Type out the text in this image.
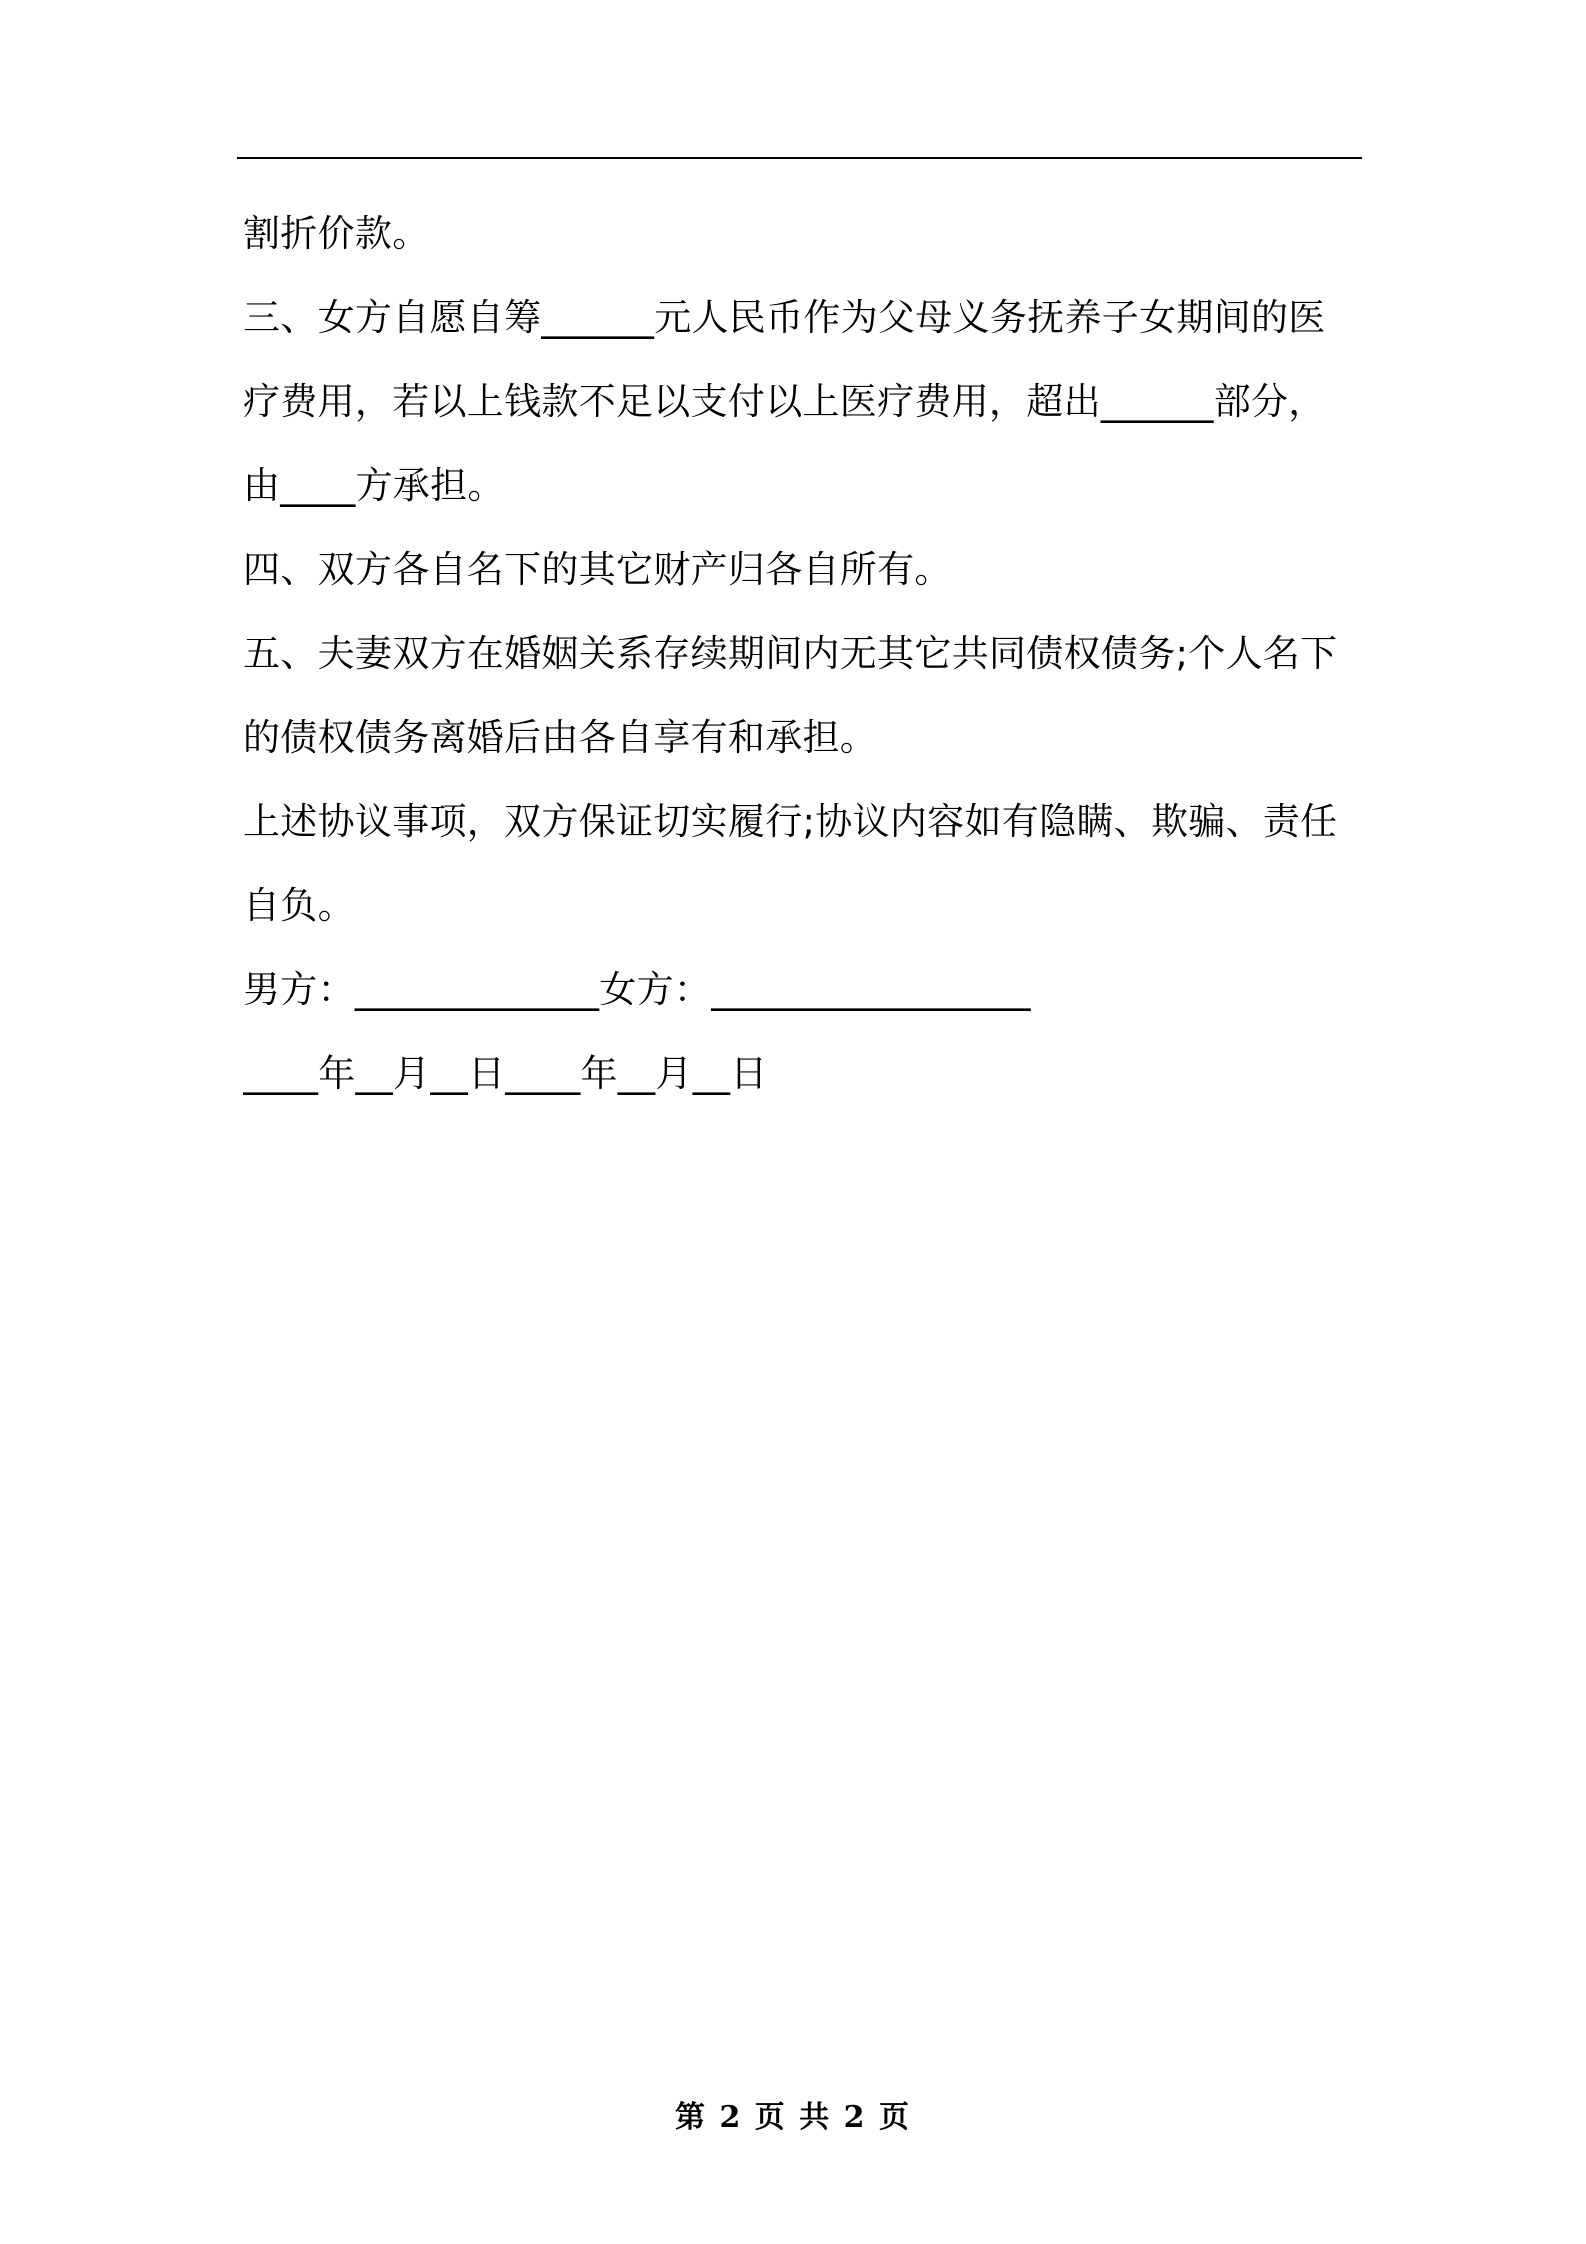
割折价款。
三、女方自愿自筹______元人民币作为父母义务抚养子女期间的医
疗费用，若以上钱款不足以支付以上医疗费用，超出______部分，
由____方承担。
四、双方各自名下的其它财产归各自所有。
五、夫妻双方在婚姻关系存续期间内无其它共同债权债务;个人名下
的债权债务离婚后由各自享有和承担。
上述协议事项，双方保证切实履行;协议内容如有隐瞒、欺骗、责任
自负。
男方：_____________女方：_________________
____年__月__日____年__月__日
第 2 页 共 2 页
